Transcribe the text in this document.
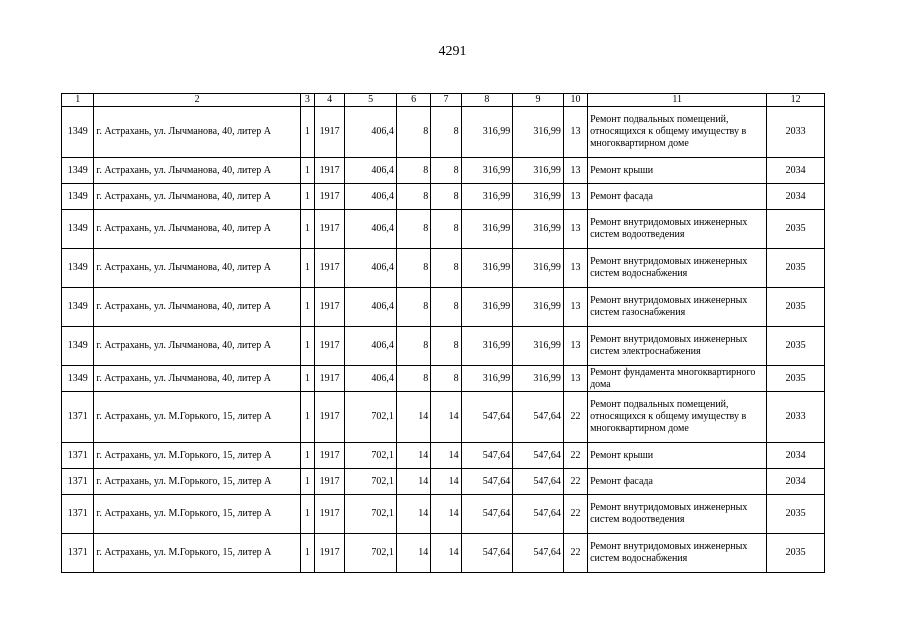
4291
1	2	3	4	5	6	7	8	9	10	11	12
1349	г. Астрахань, ул. Лычманова, 40, литер А	1	1917	406,4	8	8	316,99	316,99	13	Ремонт подвальных помещений, относящихся к общему имуществу в многоквартирном доме	2033
1349	г. Астрахань, ул. Лычманова, 40, литер А	1	1917	406,4	8	8	316,99	316,99	13	Ремонт крыши	2034
1349	г. Астрахань, ул. Лычманова, 40, литер А	1	1917	406,4	8	8	316,99	316,99	13	Ремонт фасада	2034
1349	г. Астрахань, ул. Лычманова, 40, литер А	1	1917	406,4	8	8	316,99	316,99	13	Ремонт внутридомовых инженерных систем водоотведения	2035
1349	г. Астрахань, ул. Лычманова, 40, литер А	1	1917	406,4	8	8	316,99	316,99	13	Ремонт внутридомовых инженерных систем водоснабжения	2035
1349	г. Астрахань, ул. Лычманова, 40, литер А	1	1917	406,4	8	8	316,99	316,99	13	Ремонт внутридомовых инженерных систем газоснабжения	2035
1349	г. Астрахань, ул. Лычманова, 40, литер А	1	1917	406,4	8	8	316,99	316,99	13	Ремонт внутридомовых инженерных систем электроснабжения	2035
1349	г. Астрахань, ул. Лычманова, 40, литер А	1	1917	406,4	8	8	316,99	316,99	13	Ремонт фундамента многоквартирного дома	2035
1371	г. Астрахань, ул. М.Горького, 15, литер А	1	1917	702,1	14	14	547,64	547,64	22	Ремонт подвальных помещений, относящихся к общему имуществу в многоквартирном доме	2033
1371	г. Астрахань, ул. М.Горького, 15, литер А	1	1917	702,1	14	14	547,64	547,64	22	Ремонт крыши	2034
1371	г. Астрахань, ул. М.Горького, 15, литер А	1	1917	702,1	14	14	547,64	547,64	22	Ремонт фасада	2034
1371	г. Астрахань, ул. М.Горького, 15, литер А	1	1917	702,1	14	14	547,64	547,64	22	Ремонт внутридомовых инженерных систем водоотведения	2035
1371	г. Астрахань, ул. М.Горького, 15, литер А	1	1917	702,1	14	14	547,64	547,64	22	Ремонт внутридомовых инженерных систем водоснабжения	2035
